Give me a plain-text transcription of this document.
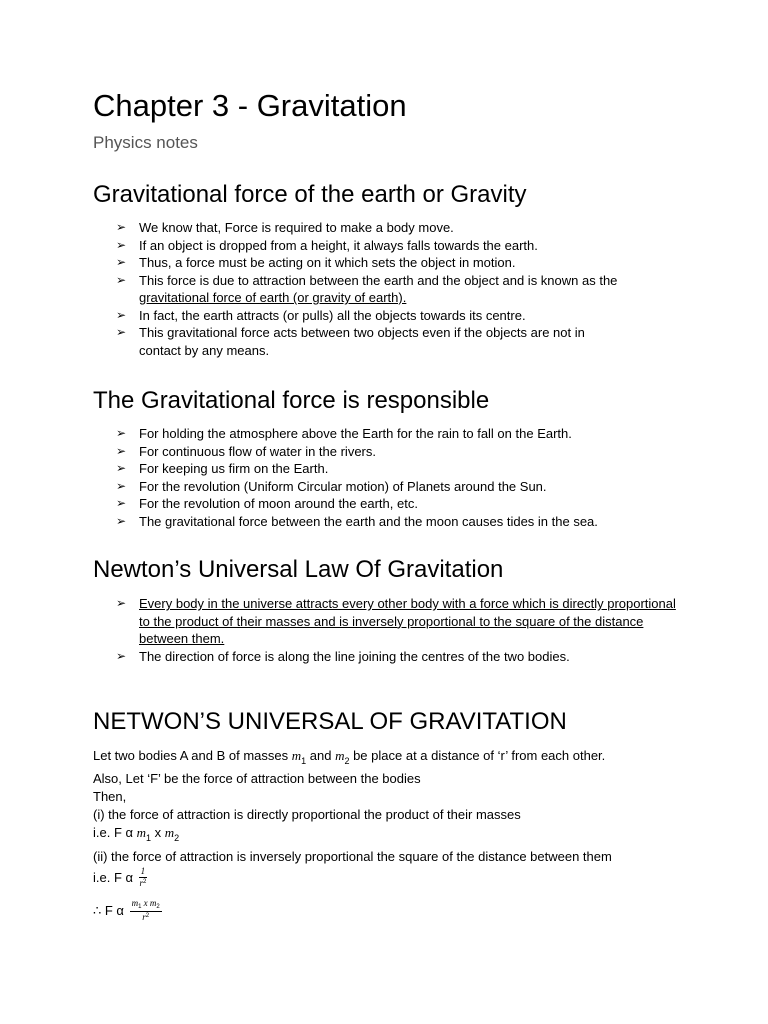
Chapter 3 - Gravitation

Physics notes

Gravitational force of the earth or Gravity
➢ We know that, Force is required to make a body move.
➢ If an object is dropped from a height, it always falls towards the earth.
➢ Thus, a force must be acting on it which sets the object in motion.
➢ This force is due to attraction between the earth and the object and is known as the
gravitational force of earth (or gravity of earth).
➢ In fact, the earth attracts (or pulls) all the objects towards its centre.
➢ This gravitational force acts between two objects even if the objects are not in
contact by any means.
The Gravitational force is responsible
➢ For holding the atmosphere above the Earth for the rain to fall on the Earth.
➢ For continuous flow of water in the rivers.
➢ For keeping us firm on the Earth.
➢ For the revolution (Uniform Circular motion) of Planets around the Sun.
➢ For the revolution of moon around the earth, etc.
➢ The gravitational force between the earth and the moon causes tides in the sea.
Newton’s Universal Law Of Gravitation
➢ Every body in the universe attracts every other body with a force which is directly proportional to the product of their masses and is inversely proportional to the square of the distance between them.
➢ The direction of force is along the line joining the centres of the two bodies.
NETWON’S UNIVERSAL OF GRAVITATION
Let two bodies A and B of masses $m_1$ and $m_2$ be place at a distance of ‘r’ from each other.
Also, Let ‘F’ be the force of attraction between the bodies
Then,
(i) the force of attraction is directly proportional the product of their masses
i.e. F α $m_1$ x $m_2$
(ii) the force of attraction is inversely proportional the square of the distance between them
i.e. F α $\frac{1}{r^2}$
∴ F α $\frac{m_1 x m_2}{r^2}$
